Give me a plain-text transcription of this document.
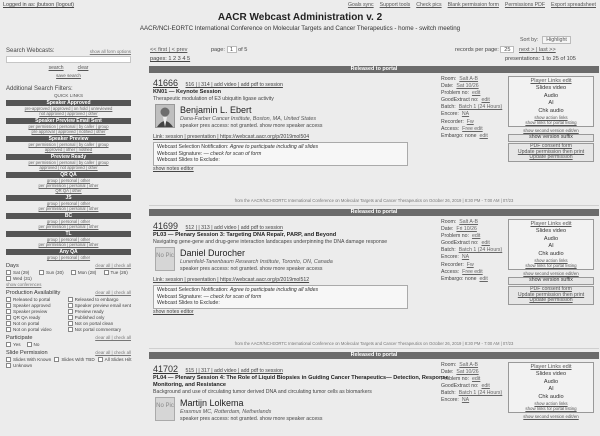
Logged in as: jbutson (logout)	Goals sync Support tools Check pics Blank permission form Permissions PDF Export spreadsheet
AACR Webcast Administration v. 2
AACR/NCI-EORTC International Conference on Molecular Targets and Cancer Therapeutics - home - switch meeting
Sort by: Highlight
Search Webcasts:	show all form options
search	clear
save search
Additional Search Filters:
QUICK LINKS
Speaker Approved
pre-approved | approved | on hold | unreviewed
not approved | approved | other
Speaker Preview Email Sent
per permission | personal | by caller | group
pre approval | approved | notified | other
Speaker Preview
per permission | personal | by caller | group
approved | other | notified
Preview Ready
per permission | personal | by caller | group
approved | not approved | other
QR QA
group | personal | other
per permission | personal | other
QR QA | other
JS
group | personal | other
per permission | personal | other
BC
group | personal | other
per permission | personal | other
TL
group | personal | other
per permission | personal | other
Any QA
group | personal | other
Days	clear all | check all
Sat (29)	Sun (30)	Mon (28)	Tue (26)
Wed (31)
show conferences
Production Availability	clear all | check all
Released to portal	Released to embargo
Speaker approved	Speaker preview email sent
Speaker preview	Preview ready
QR QA ready	Published only
Not on portal	Not on portal clean
Not on portal video	Not portal commentary
Participate	clear all | check all
Yes	No
Slide Permission	clear all | check all
Slides With Known Slides With TBD All Slides Hilt
Unknown
<< first | < prev	page: 1 of 5
pages: 1 2 3 4 5
records per page: 25 next > | last >>
presentations: 1 to 25 of 105
Released to portal
41666 516 | | 314 | add video | add pdf to session
KN01 — Keynote Session
Therapeutic modulation of E3 ubiquitin ligase activity
Benjamin L. Ebert
Dana-Farber Cancer Institute, Boston, MA, United States
speaker pres access: not granted. show more speaker access
Link: session | presentation | https://webcast.aacr.org/p/2019mol504
Webcast Selection Notification: Agree to participate including all slides
Webcast Signature: — check for scan of form
Webcast Slides to Exclude:
show notes editor
Room: Salt A-B
Date: Sat 10/26
Problem no: edit
GoodExtract no: edit
Batch: Batch 1 (24 Hours)
Encore: NA
Recorder: Fw
Access: Free edit
Embargo: none edit
Player Links edit
Slides video
Audio
AI
Chk audio
show action links
show links for portal listing
show second version edit/en
show version suffix
PDF consent form
Update permission then print
Update permission
from the AACR/NCI-EORTC International Conference on Molecular Targets and Cancer Therapeutics on October 26, 2019 | 8:30 PM - 7:00 AM | 07/23
Released to portal
41699 512 | | 313 | add video | add pdf to session
PL03 — Plenary Session 3: Targeting DNA Repair, PARP, and Beyond
Navigating gene-gene and drug-gene interaction landscapes underpinning the DNA damage response
No Pic Daniel Durocher
Lunenfeld-Tanenbaum Research Institute, Toronto, ON, Canada
speaker pres access: not granted. show more speaker access
Link: session | presentation | https://webcast.aacr.org/p/2019mol512
Webcast Selection Notification: Agree to participate including all slides
Webcast Signature: — check for scan of form
Webcast Slides to Exclude:
show notes editor
Room: Salt A-B
Date: Fri 10/26
Problem no: edit
GoodExtract no: edit
Batch: Batch 1 (24 Hours)
Encore: NA
Recorder: Fw
Access: Free edit
Embargo: none edit
Player Links edit
Slides video
Audio
AI
Chk audio
show action links
show links for portal listing
show second version edit/en
show version suffix
PDF consent form
Update permission then print
Update permission
from the AACR/NCI-EORTC International Conference on Molecular Targets and Cancer Therapeutics on October 26, 2019 | 8:30 PM - 7:00 AM | 07/23
Released to portal
41702 515 | | 317 | add video | add pdf to session
PL04 — Plenary Session 4: The Role of Liquid Biopsies in Guiding Cancer Therapeutics— Detection, Response Monitoring, and Resistance
Background and use of circulating tumor derived DNA and circulating tumor cells as biomarkers
No Pic Martijn Lolkema
Erasmus MC, Rotterdam, Netherlands
speaker pres access: not granted. show more speaker access
Room: Salt A-B
Date: Sat 10/26
Problem no: edit
GoodExtract no: edit
Batch: Batch 1 (24 Hours)
Encore: NA
Player Links edit
Slides video
Audio
AI
Chk audio
show action links
show links for portal listing
show second version edit/en
